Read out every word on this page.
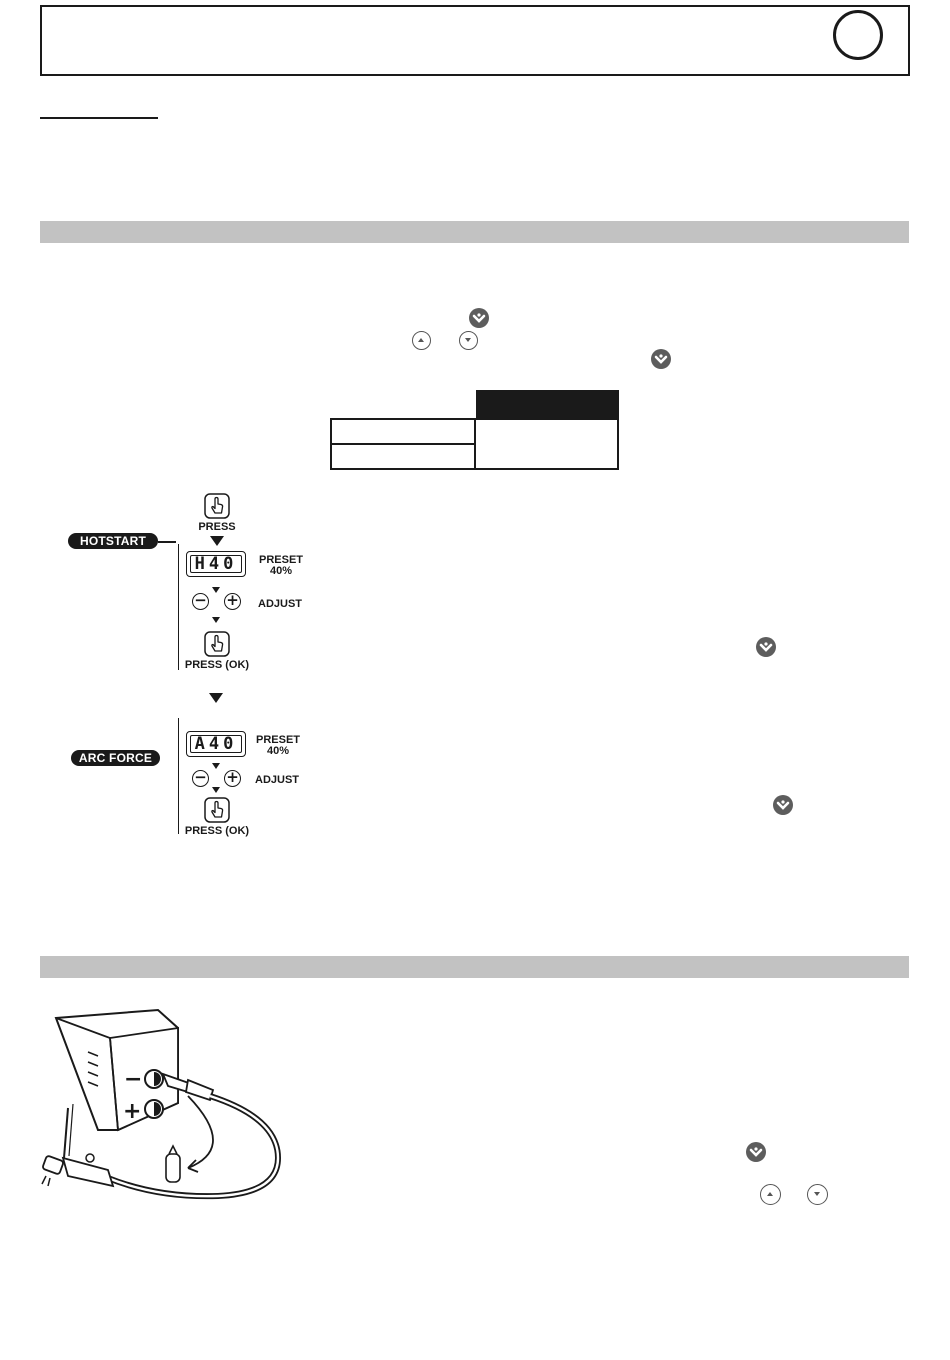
PRESS
HOTSTART
H40	PRESET
40%
− + ADJUST
PRESS (OK)
ARC FORCE
A40	PRESET
40%
− + ADJUST
PRESS (OK)
−
+
